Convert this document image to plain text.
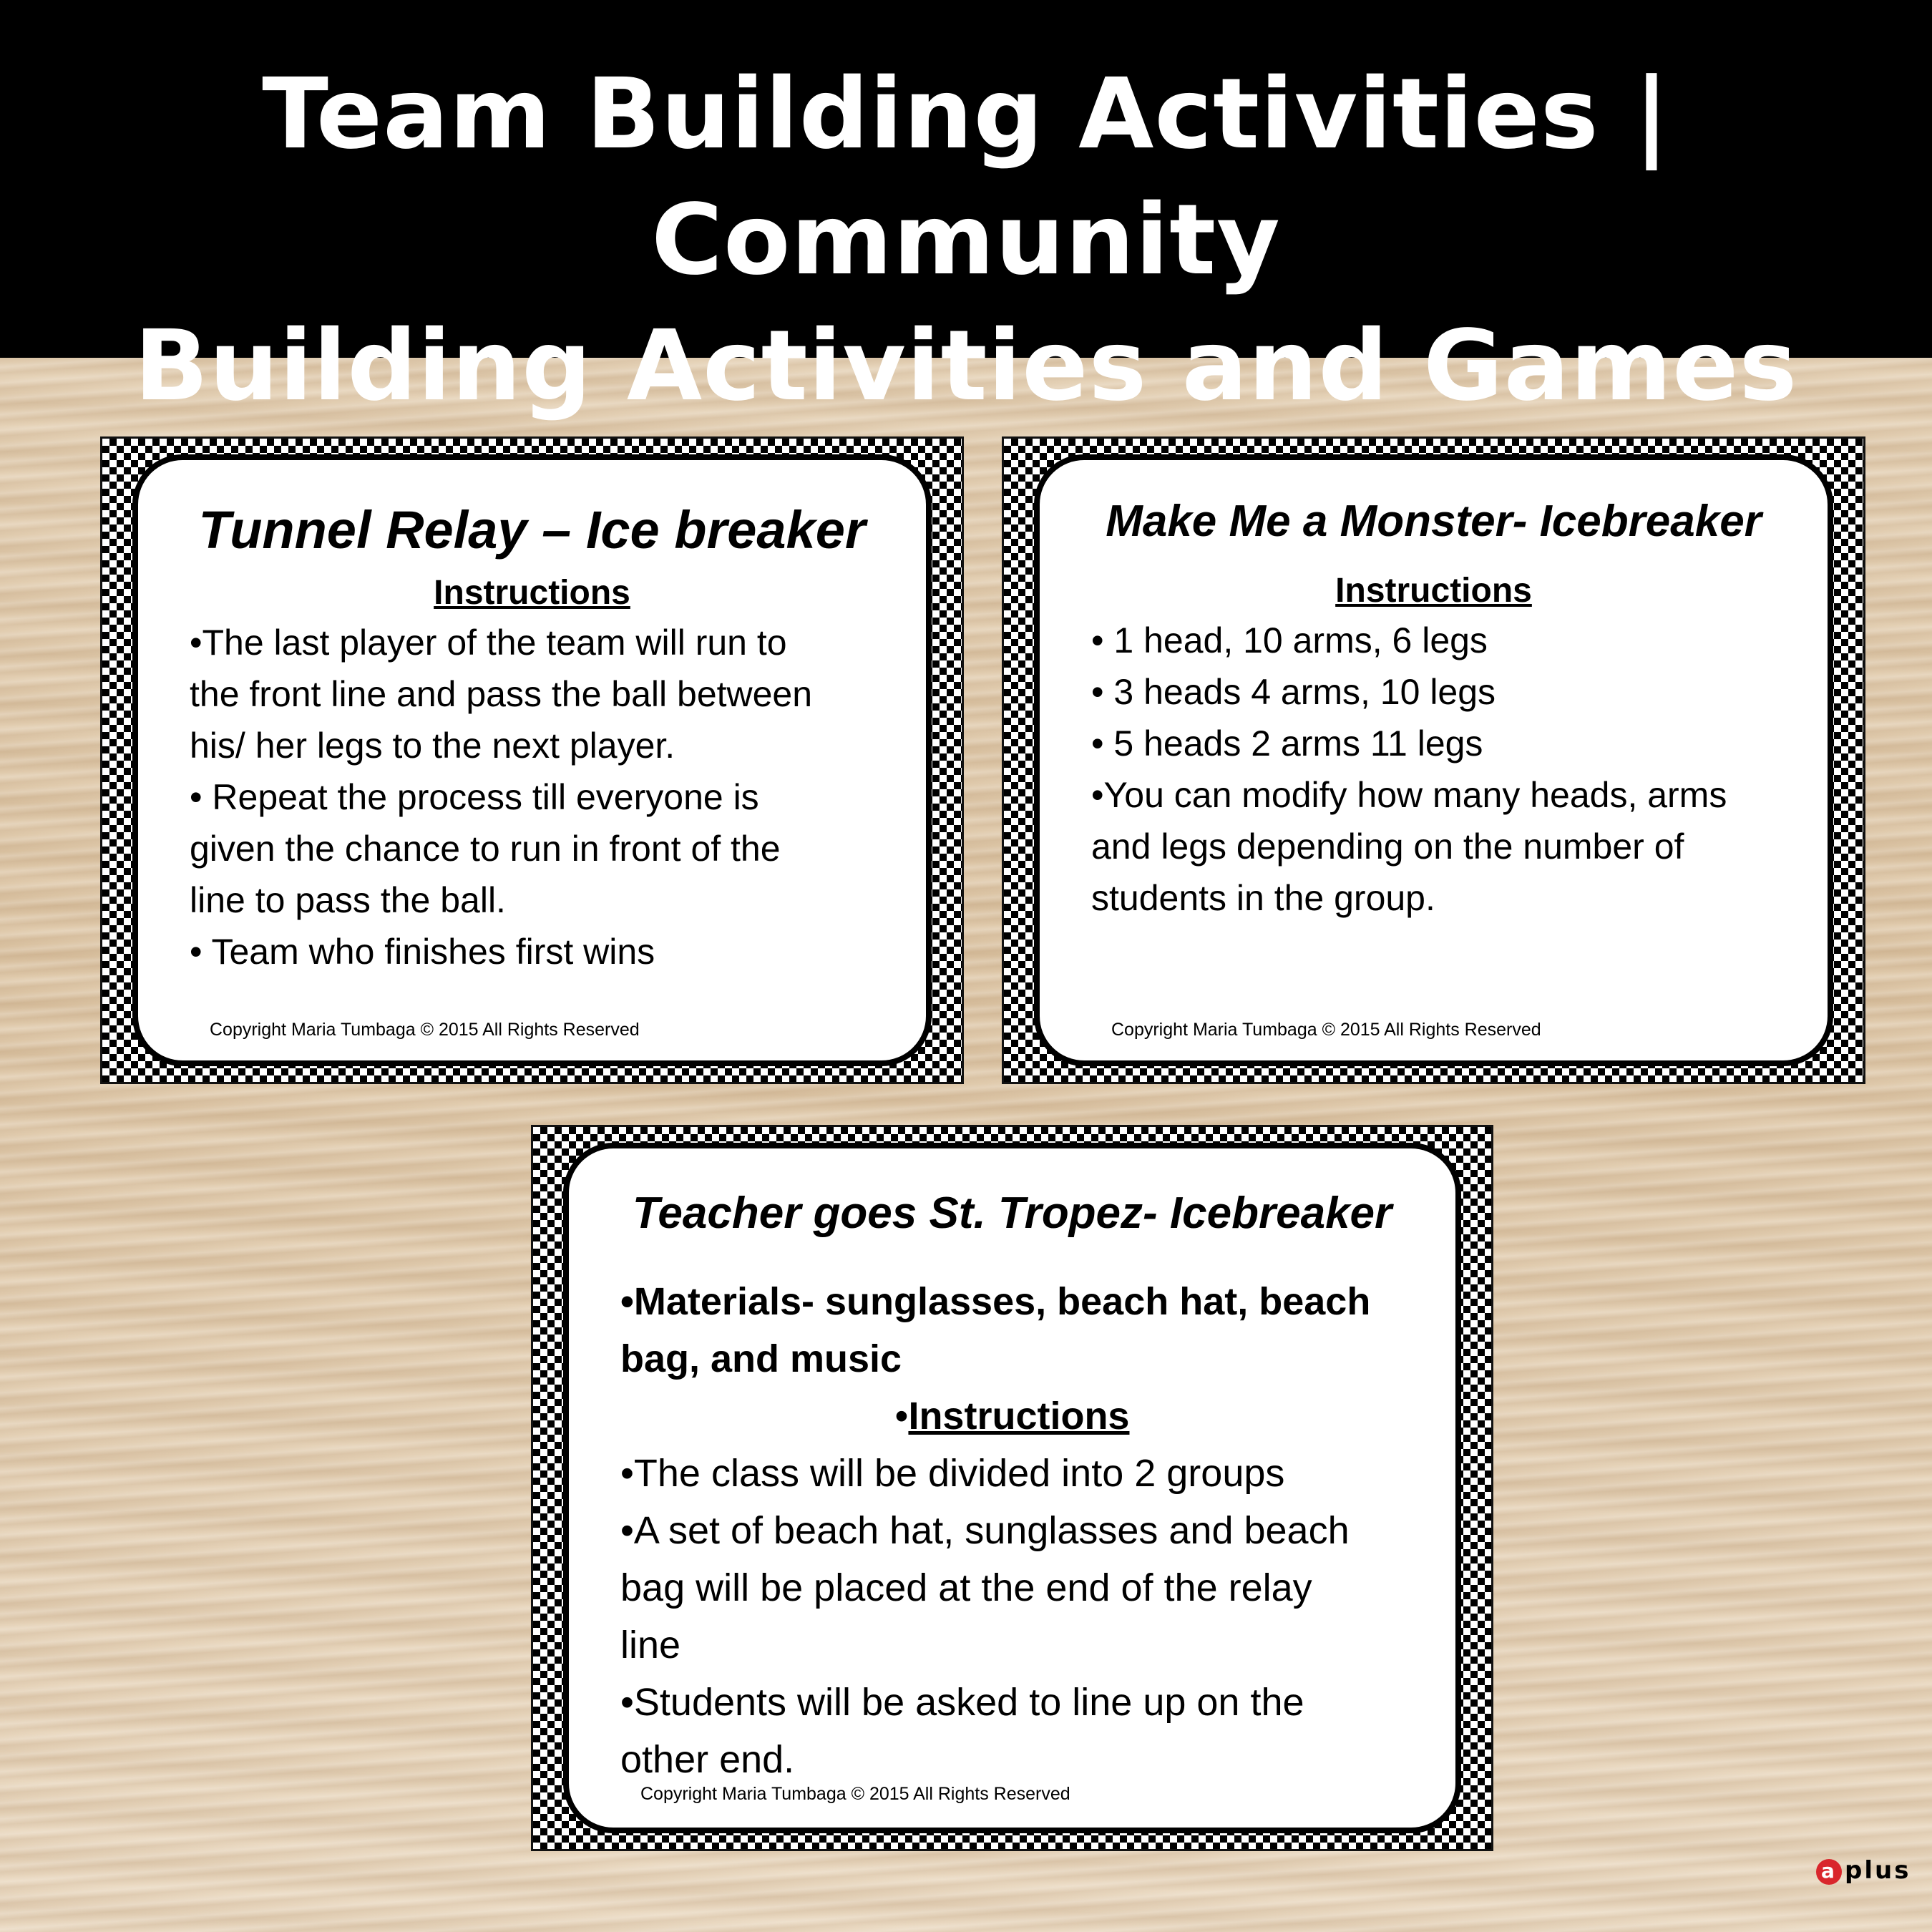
Team Building Activities | Community

Building Activities and Games

Tunnel Relay – Ice breaker

Instructions

•The last player of the team will run to

the front line and pass the ball between

his/ her legs to the next player.

• Repeat the process till everyone is

given the chance to run in front of the

line to pass the ball.

• Team who finishes first wins

Copyright Maria Tumbaga © 2015 All Rights Reserved

Make Me a Monster- Icebreaker

Instructions

• 1 head, 10 arms, 6 legs

• 3 heads 4 arms, 10 legs

• 5 heads 2 arms 11 legs

•You can modify how many heads, arms

and legs depending on the number of

students in the group.

Copyright Maria Tumbaga © 2015 All Rights Reserved

Teacher goes St. Tropez- Icebreaker

•Materials- sunglasses, beach hat, beach

bag, and music

•Instructions

•The class will be divided into 2 groups

•A set of beach hat, sunglasses and beach

bag will be placed at the end of the relay

line

•Students will be asked to line up on the

other end.

Copyright Maria Tumbaga © 2015 All Rights Reserved
a plus
